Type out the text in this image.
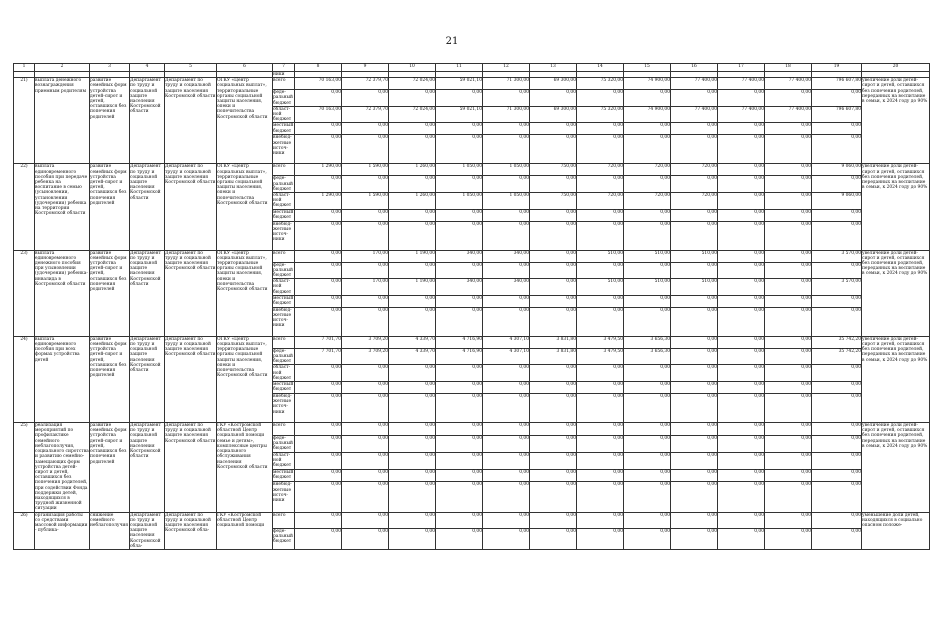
21
1	2	3	4	5	6	7	8	9	10	11	12	13	14	15	16	17	18	19	20
						ники													
21)	выплата денежного вознаграждения приемным родителям	развитие семейных форм устройства детей-сирот и детей, оставшихся без попечения родителей	Департамент по труду и социальной защите населения Костромской области	Департамент по труду и социальной защите населения Костромской области	ОГКУ «Центр социальных выплат», территориальные органы социальной защиты населения, опеки и попечительства Костромской области	всего	70 163,00	72 379,70	72 024,00	59 021,10	71 300,00	69 300,00	75 320,00	74 900,00	77 400,00	77 400,00	77 400,00	796 607,80	увеличение доли детей-сирот и детей, оставшихся без попечения родителей, переданных на воспитание в семьи, к 2024 году до 90%
						феде-ральный бюджет	0,00	0,00	0,00	0,00	0,00	0,00	0,00	0,00	0,00	0,00	0,00	0,00	
						област-ной бюджет	70 163,00	72 379,70	72 024,00	59 021,10	71 300,00	69 300,00	75 320,00	74 900,00	77 400,00	77 400,00	77 400,00	796 607,80	
						местный бюджет	0,00	0,00	0,00	0,00	0,00	0,00	0,00	0,00	0,00	0,00	0,00	0,00	
						внебюд-жетные источ-ники	0,00	0,00	0,00	0,00	0,00	0,00	0,00	0,00	0,00	0,00	0,00	0,00	
22)	выплата единовременного пособия при передаче ребенка на воспитание в семью (усыновлении, установлении (удочерении) ребенка на территории Костромской области	развитие семейных форм устройства детей-сирот и детей, оставшихся без попечения родителей	Департамент по труду и социальной защите населения Костромской области	Департамент по труду и социальной защите населения Костромской области	ОГКУ «Центр социальных выплат», территориальные органы социальной защиты населения, опеки и попечительства Костромской области	всего	1 290,00	1 590,00	1 260,00	1 050,00	1 050,00	750,00	720,00	720,00	720,00	0,00	0,00	9 060,00	увеличение доли детей-сирот и детей, оставшихся без попечения родителей, переданных на воспитание в семьи, к 2024 году до 90%
						феде-ральный бюджет	0,00	0,00	0,00	0,00	0,00	0,00	0,00	0,00	0,00	0,00	0,00	0,00	
						област-ной бюджет	1 290,00	1 590,00	1 260,00	1 050,00	1 050,00	750,00	720,00	720,00	720,00	0,00	0,00	9 060,00	
						местный бюджет	0,00	0,00	0,00	0,00	0,00	0,00	0,00	0,00	0,00	0,00	0,00	0,00	
						внебюд-жетные источ-ники	0,00	0,00	0,00	0,00	0,00	0,00	0,00	0,00	0,00	0,00	0,00	0,00	
23)	выплата единовременного денежного пособия при усыновлении (удочерении) ребенка-инвалида в Костромской области	развитие семейных форм устройства детей-сирот и детей, оставшихся без попечения родителей	Департамент по труду и социальной защите населения Костромской области	Департамент по труду и социальной защите населения Костромской области	ОГКУ «Центр социальных выплат», территориальные органы социальной защиты населения, опеки и попечительства Костромской области	всего	0,00	170,00	1 190,00	340,00	340,00	0,00	510,00	510,00	510,00	0,00	0,00	3 570,00	увеличение доли детей-сирот и детей, оставшихся без попечения родителей, переданных на воспитание в семьи, к 2024 году до 90%
						феде-ральный бюджет	0,00	0,00	0,00	0,00	0,00	0,00	0,00	0,00	0,00	0,00	0,00	0,00	
						област-ной бюджет	0,00	170,00	1 190,00	340,00	340,00	0,00	510,00	510,00	510,00	0,00	0,00	3 570,00	
						местный бюджет	0,00	0,00	0,00	0,00	0,00	0,00	0,00	0,00	0,00	0,00	0,00	0,00	
						внебюд-жетные источ-ники	0,00	0,00	0,00	0,00	0,00	0,00	0,00	0,00	0,00	0,00	0,00	0,00	
24)	выплата единовременного пособия при всех формах устройства детей	развитие семейных форм устройства детей-сирот и детей, оставшихся без попечения родителей	Департамент по труду и социальной защите населения Костромской области	Департамент по труду и социальной защите населения Костромской области	ОГКУ «Центр социальных выплат», территориальные органы социальной защиты населения, опеки и попечительства Костромской области	всего	7 701,70	3 709,20	4 339,70	4 716,90	4 307,10	3 831,80	3 479,50	3 656,30	0,00	0,00	0,00	35 742,20	увеличение доли детей-сирот и детей, оставшихся без попечения родителей, переданных на воспитание в семьи, к 2024 году до 90%
						феде-ральный бюджет	7 701,70	3 709,20	4 339,70	4 716,90	4 307,10	3 831,80	3 479,50	3 656,30	0,00	0,00	0,00	35 742,20	
						област-ной бюджет	0,00	0,00	0,00	0,00	0,00	0,00	0,00	0,00	0,00	0,00	0,00	0,00	
						местный бюджет	0,00	0,00	0,00	0,00	0,00	0,00	0,00	0,00	0,00	0,00	0,00	0,00	
						внебюд-жетные источ-ники	0,00	0,00	0,00	0,00	0,00	0,00	0,00	0,00	0,00	0,00	0,00	0,00	
25)	реализация мероприятий по профилактике семейного неблагополучия, социального сиротства и развитию семейно-замещающих форм устройства детей-сирот и детей, оставшихся без попечения родителей, при содействии Фонда поддержки детей, находящихся в трудной жизненной ситуации	развитие семейных форм устройства детей-сирот и детей, оставшихся без попечения родителей	Департамент по труду и социальной защите населения Костромской области	Департамент по труду и социальной защите населения Костромской области	ГКУ «Костромской областной Центр социальной помощи семье и детям», комплексные центры социального обслуживания населения Костромской области	всего	0,00	0,00	0,00	0,00	0,00	0,00	0,00	0,00	0,00	0,00	0,00	0,00	увеличение доли детей-сирот и детей, оставшихся без попечения родителей, переданных на воспитание в семьи, к 2024 году до 90%
						феде-ральный бюджет	0,00	0,00	0,00	0,00	0,00	0,00	0,00	0,00	0,00	0,00	0,00	0,00	
						област-ной бюджет	0,00	0,00	0,00	0,00	0,00	0,00	0,00	0,00	0,00	0,00	0,00	0,00	
						местный бюджет	0,00	0,00	0,00	0,00	0,00	0,00	0,00	0,00	0,00	0,00	0,00	0,00	
						внебюд-жетные источ-ники	0,00	0,00	0,00	0,00	0,00	0,00	0,00	0,00	0,00	0,00	0,00	0,00	
26)	организация работы со средствами массовой информации - публика-	снижение семейного неблагополучия	Департамент по труду и социальной защите населения Костромской обла-	Департамент по труду и социальной защите населения Костромской обла-	ГКУ «Костромской областной Центр социальной помощи	всего	0,00	0,00	0,00	0,00	0,00	0,00	0,00	0,00	0,00	0,00	0,00	0,00	уменьшение доли детей, находящихся в социально опасном положе-
						феде-ральный бюджет	0,00	0,00	0,00	0,00	0,00	0,00	0,00	0,00	0,00	0,00	0,00	0,00	
